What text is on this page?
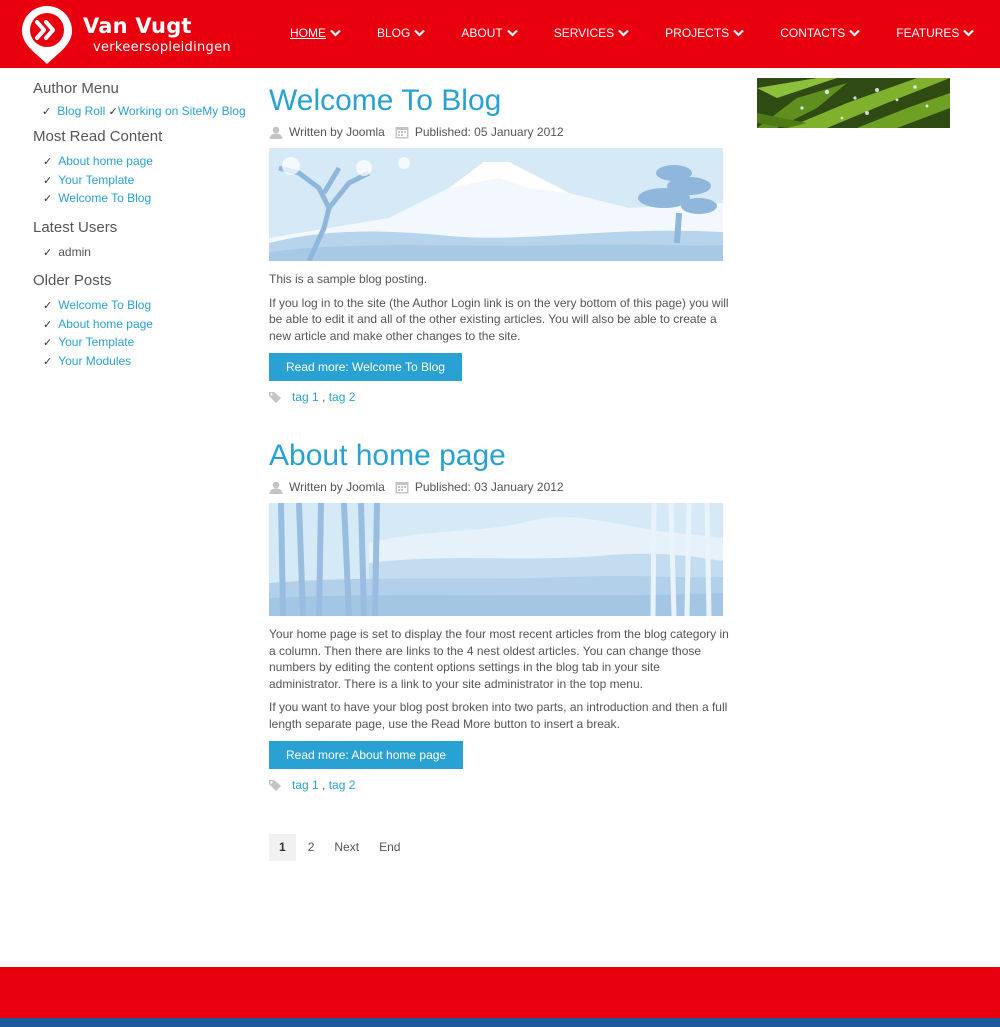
Van Vugt
verkeersopleidingen
HOME	BLOG	ABOUT	SERVICES	PROJECTS	CONTACTS	FEATURES
Author Menu
✓ Blog Roll ✓Working on SiteMy Blog
Most Read Content
✓ About home page
✓ Your Template
✓ Welcome To Blog
Latest Users
✓ admin
Older Posts
✓ Welcome To Blog
✓ About home page
✓ Your Template
✓ Your Modules
Welcome To Blog
Written by Joomla	Published: 05 January 2012

This is a sample blog posting.

If you log in to the site (the Author Login link is on the very bottom of this page) you will be able to edit it and all of the other existing articles. You will also be able to create a new article and make other changes to the site.

Read more: Welcome To Blog
tag 1 , tag 2
About home page
Written by Joomla	Published: 03 January 2012

Your home page is set to display the four most recent articles from the blog category in a column. Then there are links to the 4 nest oldest articles. You can change those numbers by editing the content options settings in the blog tab in your site administrator. There is a link to your site administrator in the top menu.

If you want to have your blog post broken into two parts, an introduction and then a full length separate page, use the Read More button to insert a break.

Read more: About home page
tag 1 , tag 2
1	2	Next	End
